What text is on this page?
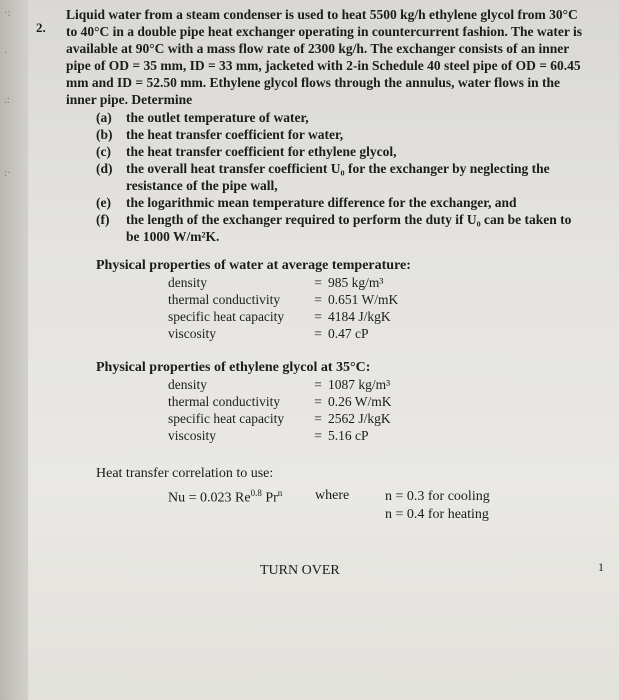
·:
·
.:
:·
2.

Liquid water from a steam condenser is used to heat 5500 kg/h ethylene glycol from 30°C to 40°C in a double pipe heat exchanger operating in countercurrent fashion. The water is available at 90°C with a mass flow rate of 2300 kg/h. The exchanger consists of an inner pipe of OD = 35 mm, ID = 33 mm, jacketed with 2-in Schedule 40 steel pipe of OD = 60.45 mm and ID = 52.50 mm. Ethylene glycol flows through the annulus, water flows in the inner pipe. Determine

(a)	the outlet temperature of water,
(b)	the heat transfer coefficient for water,
(c)	the heat transfer coefficient for ethylene glycol,
(d)	the overall heat transfer coefficient U₀ for the exchanger by neglecting the resistance of the pipe wall,
(e)	the logarithmic mean temperature difference for the exchanger, and
(f)	the length of the exchanger required to perform the duty if U₀ can be taken to be 1000 W/m²K.
Physical properties of water at average temperature:
density	= 985 kg/m³
thermal conductivity	= 0.651 W/mK
specific heat capacity	= 4184 J/kgK
viscosity	= 0.47 cP
Physical properties of ethylene glycol at 35°C:
density	= 1087 kg/m³
thermal conductivity	= 0.26 W/mK
specific heat capacity	= 2562 J/kgK
viscosity	= 5.16 cP
Heat transfer correlation to use:
Nu = 0.023 $Re^{0.8}$ Pr$^n$ where	n = 0.3 for cooling
n = 0.4 for heating
TURN OVER	1
